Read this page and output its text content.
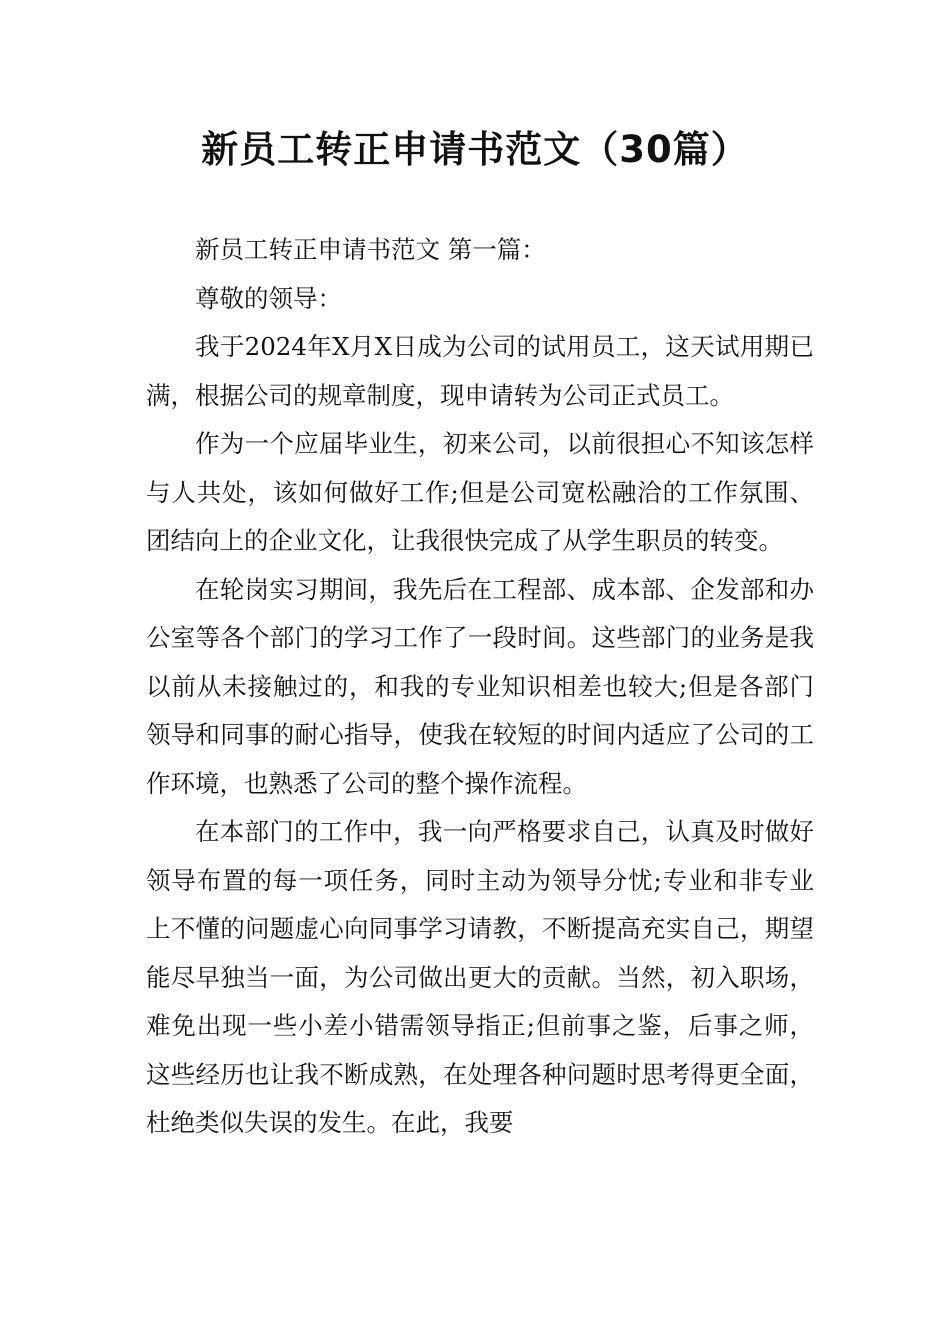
新员工转正申请书范文（30篇）

新员工转正申请书范文 第一篇：

尊敬的领导：

我于2024年X月X日成为公司的试用员工，这天试用期已满，根据公司的规章制度，现申请转为公司正式员工。

作为一个应届毕业生，初来公司，以前很担心不知该怎样与人共处，该如何做好工作;但是公司宽松融洽的工作氛围、团结向上的企业文化，让我很快完成了从学生职员的转变。

在轮岗实习期间，我先后在工程部、成本部、企发部和办公室等各个部门的学习工作了一段时间。这些部门的业务是我以前从未接触过的，和我的专业知识相差也较大;但是各部门领导和同事的耐心指导，使我在较短的时间内适应了公司的工作环境，也熟悉了公司的整个操作流程。

在本部门的工作中，我一向严格要求自己，认真及时做好领导布置的每一项任务，同时主动为领导分忧;专业和非专业上不懂的问题虚心向同事学习请教，不断提高充实自己，期望能尽早独当一面，为公司做出更大的贡献。当然，初入职场，难免出现一些小差小错需领导指正;但前事之鉴，后事之师，这些经历也让我不断成熟，在处理各种问题时思考得更全面，杜绝类似失误的发生。在此，我要
